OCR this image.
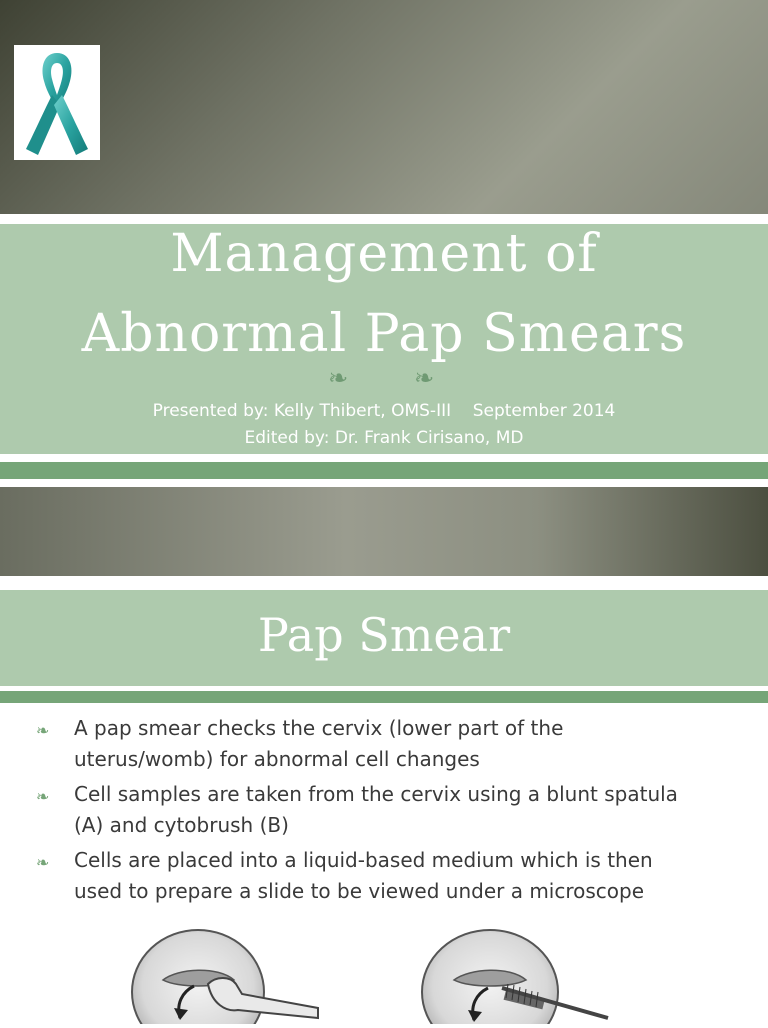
Management of
Abnormal Pap Smears
❧	❧
Presented by: Kelly Thibert, OMS-III    September 2014
Edited by: Dr. Frank Cirisano, MD
Pap Smear
❧ A pap smear checks the cervix (lower part of the
uterus/womb) for abnormal cell changes
❧ Cell samples are taken from the cervix using a blunt spatula
(A) and cytobrush (B)
❧ Cells are placed into a liquid-based medium which is then
used to prepare a slide to be viewed under a microscope
